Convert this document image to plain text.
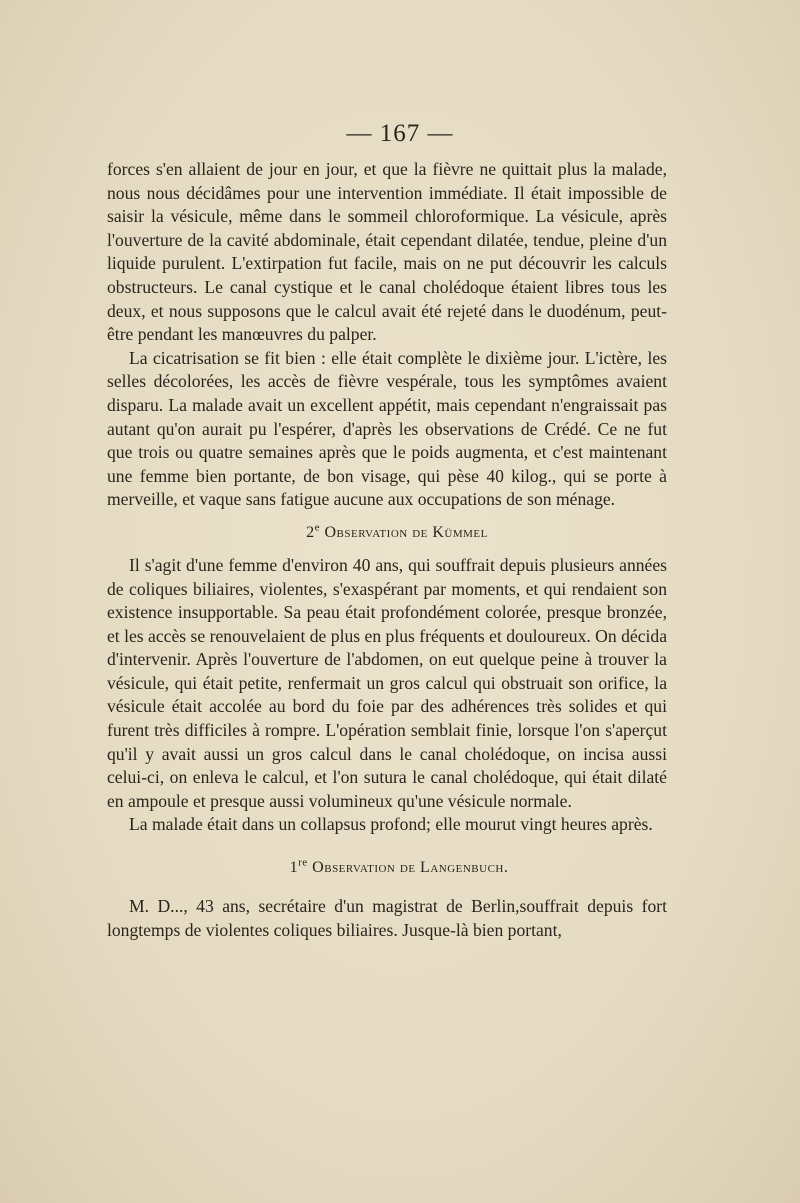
— 167 —

forces s'en allaient de jour en jour, et que la fièvre ne quittait plus la malade, nous nous décidâmes pour une intervention immédiate. Il était impossible de saisir la vésicule, même dans le sommeil chloroformique. La vésicule, après l'ouverture de la cavité abdominale, était cependant dilatée, tendue, pleine d'un liquide purulent. L'extirpation fut facile, mais on ne put découvrir les calculs obstructeurs. Le canal cystique et le canal cholédoque étaient libres tous les deux, et nous supposons que le calcul avait été rejeté dans le duodénum, peut-être pendant les manœuvres du palper.

La cicatrisation se fit bien : elle était complète le dixième jour. L'ictère, les selles décolorées, les accès de fièvre vespérale, tous les symptômes avaient disparu. La malade avait un excellent appétit, mais cependant n'engraissait pas autant qu'on aurait pu l'espérer, d'après les observations de Crédé. Ce ne fut que trois ou quatre semaines après que le poids augmenta, et c'est maintenant une femme bien portante, de bon visage, qui pèse 40 kilog., qui se porte à merveille, et vaque sans fatigue aucune aux occupations de son ménage.

2e Observation de Kümmel

Il s'agit d'une femme d'environ 40 ans, qui souffrait depuis plusieurs années de coliques biliaires, violentes, s'exaspérant par moments, et qui rendaient son existence insupportable. Sa peau était profondément colorée, presque bronzée, et les accès se renouvelaient de plus en plus fréquents et douloureux. On décida d'intervenir. Après l'ouverture de l'abdomen, on eut quelque peine à trouver la vésicule, qui était petite, renfermait un gros calcul qui obstruait son orifice, la vésicule était accolée au bord du foie par des adhérences très solides et qui furent très difficiles à rompre. L'opération semblait finie, lorsque l'on s'aperçut qu'il y avait aussi un gros calcul dans le canal cholédoque, on incisa aussi celui-ci, on enleva le calcul, et l'on sutura le canal cholédoque, qui était dilaté en ampoule et presque aussi volumineux qu'une vésicule normale.

La malade était dans un collapsus profond; elle mourut vingt heures après.

1re Observation de Langenbuch.

M. D..., 43 ans, secrétaire d'un magistrat de Berlin,souffrait depuis fort longtemps de violentes coliques biliaires. Jusque-là bien portant,
